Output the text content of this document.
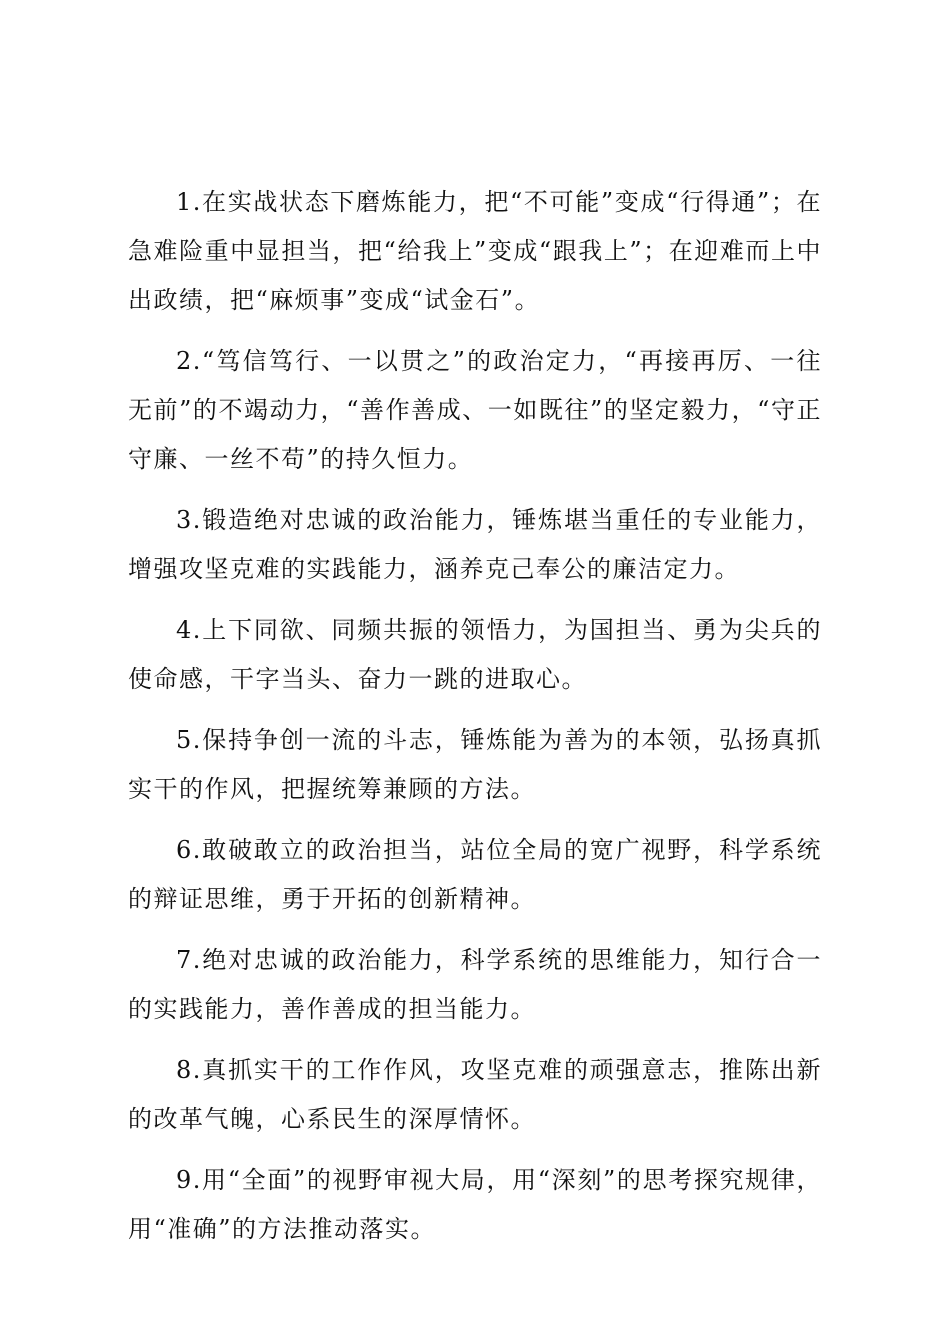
1.在实战状态下磨炼能力，把“不可能”变成“行得通”；在急难险重中显担当，把“给我上”变成“跟我上”；在迎难而上中出政绩，把“麻烦事”变成“试金石”。

2.“笃信笃行、一以贯之”的政治定力，“再接再厉、一往无前”的不竭动力，“善作善成、一如既往”的坚定毅力，“守正守廉、一丝不苟”的持久恒力。

3.锻造绝对忠诚的政治能力，锤炼堪当重任的专业能力，增强攻坚克难的实践能力，涵养克己奉公的廉洁定力。

4.上下同欲、同频共振的领悟力，为国担当、勇为尖兵的使命感，干字当头、奋力一跳的进取心。

5.保持争创一流的斗志，锤炼能为善为的本领，弘扬真抓实干的作风，把握统筹兼顾的方法。

6.敢破敢立的政治担当，站位全局的宽广视野，科学系统的辩证思维，勇于开拓的创新精神。

7.绝对忠诚的政治能力，科学系统的思维能力，知行合一的实践能力，善作善成的担当能力。

8.真抓实干的工作作风，攻坚克难的顽强意志，推陈出新的改革气魄，心系民生的深厚情怀。

9.用“全面”的视野审视大局，用“深刻”的思考探究规律，用“准确”的方法推动落实。
